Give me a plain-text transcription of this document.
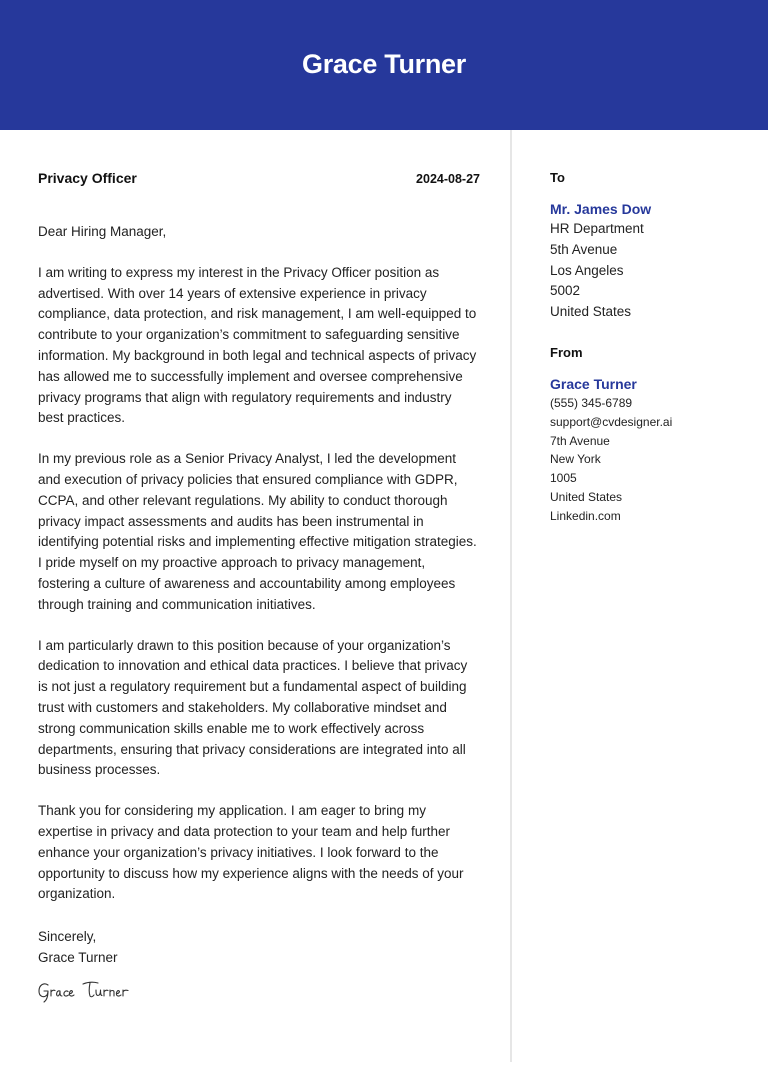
Grace Turner
Privacy Officer	2024-08-27
Dear Hiring Manager,

I am writing to express my interest in the Privacy Officer position as advertised. With over 14 years of extensive experience in privacy compliance, data protection, and risk management, I am well-equipped to contribute to your organization’s commitment to safeguarding sensitive information. My background in both legal and technical aspects of privacy has allowed me to successfully implement and oversee comprehensive privacy programs that align with regulatory requirements and industry best practices.

In my previous role as a Senior Privacy Analyst, I led the development and execution of privacy policies that ensured compliance with GDPR, CCPA, and other relevant regulations. My ability to conduct thorough privacy impact assessments and audits has been instrumental in identifying potential risks and implementing effective mitigation strategies. I pride myself on my proactive approach to privacy management, fostering a culture of awareness and accountability among employees through training and communication initiatives.

I am particularly drawn to this position because of your organization’s dedication to innovation and ethical data practices. I believe that privacy is not just a regulatory requirement but a fundamental aspect of building trust with customers and stakeholders. My collaborative mindset and strong communication skills enable me to work effectively across departments, ensuring that privacy considerations are integrated into all business processes.

Thank you for considering my application. I am eager to bring my expertise in privacy and data protection to your team and help further enhance your organization’s privacy initiatives. I look forward to the opportunity to discuss how my experience aligns with the needs of your organization.

Sincerely,
Grace Turner
To
Mr. James Dow
HR Department
5th Avenue
Los Angeles
5002
United States
From
Grace Turner
(555) 345-6789
support@cvdesigner.ai
7th Avenue
New York
1005
United States
Linkedin.com
